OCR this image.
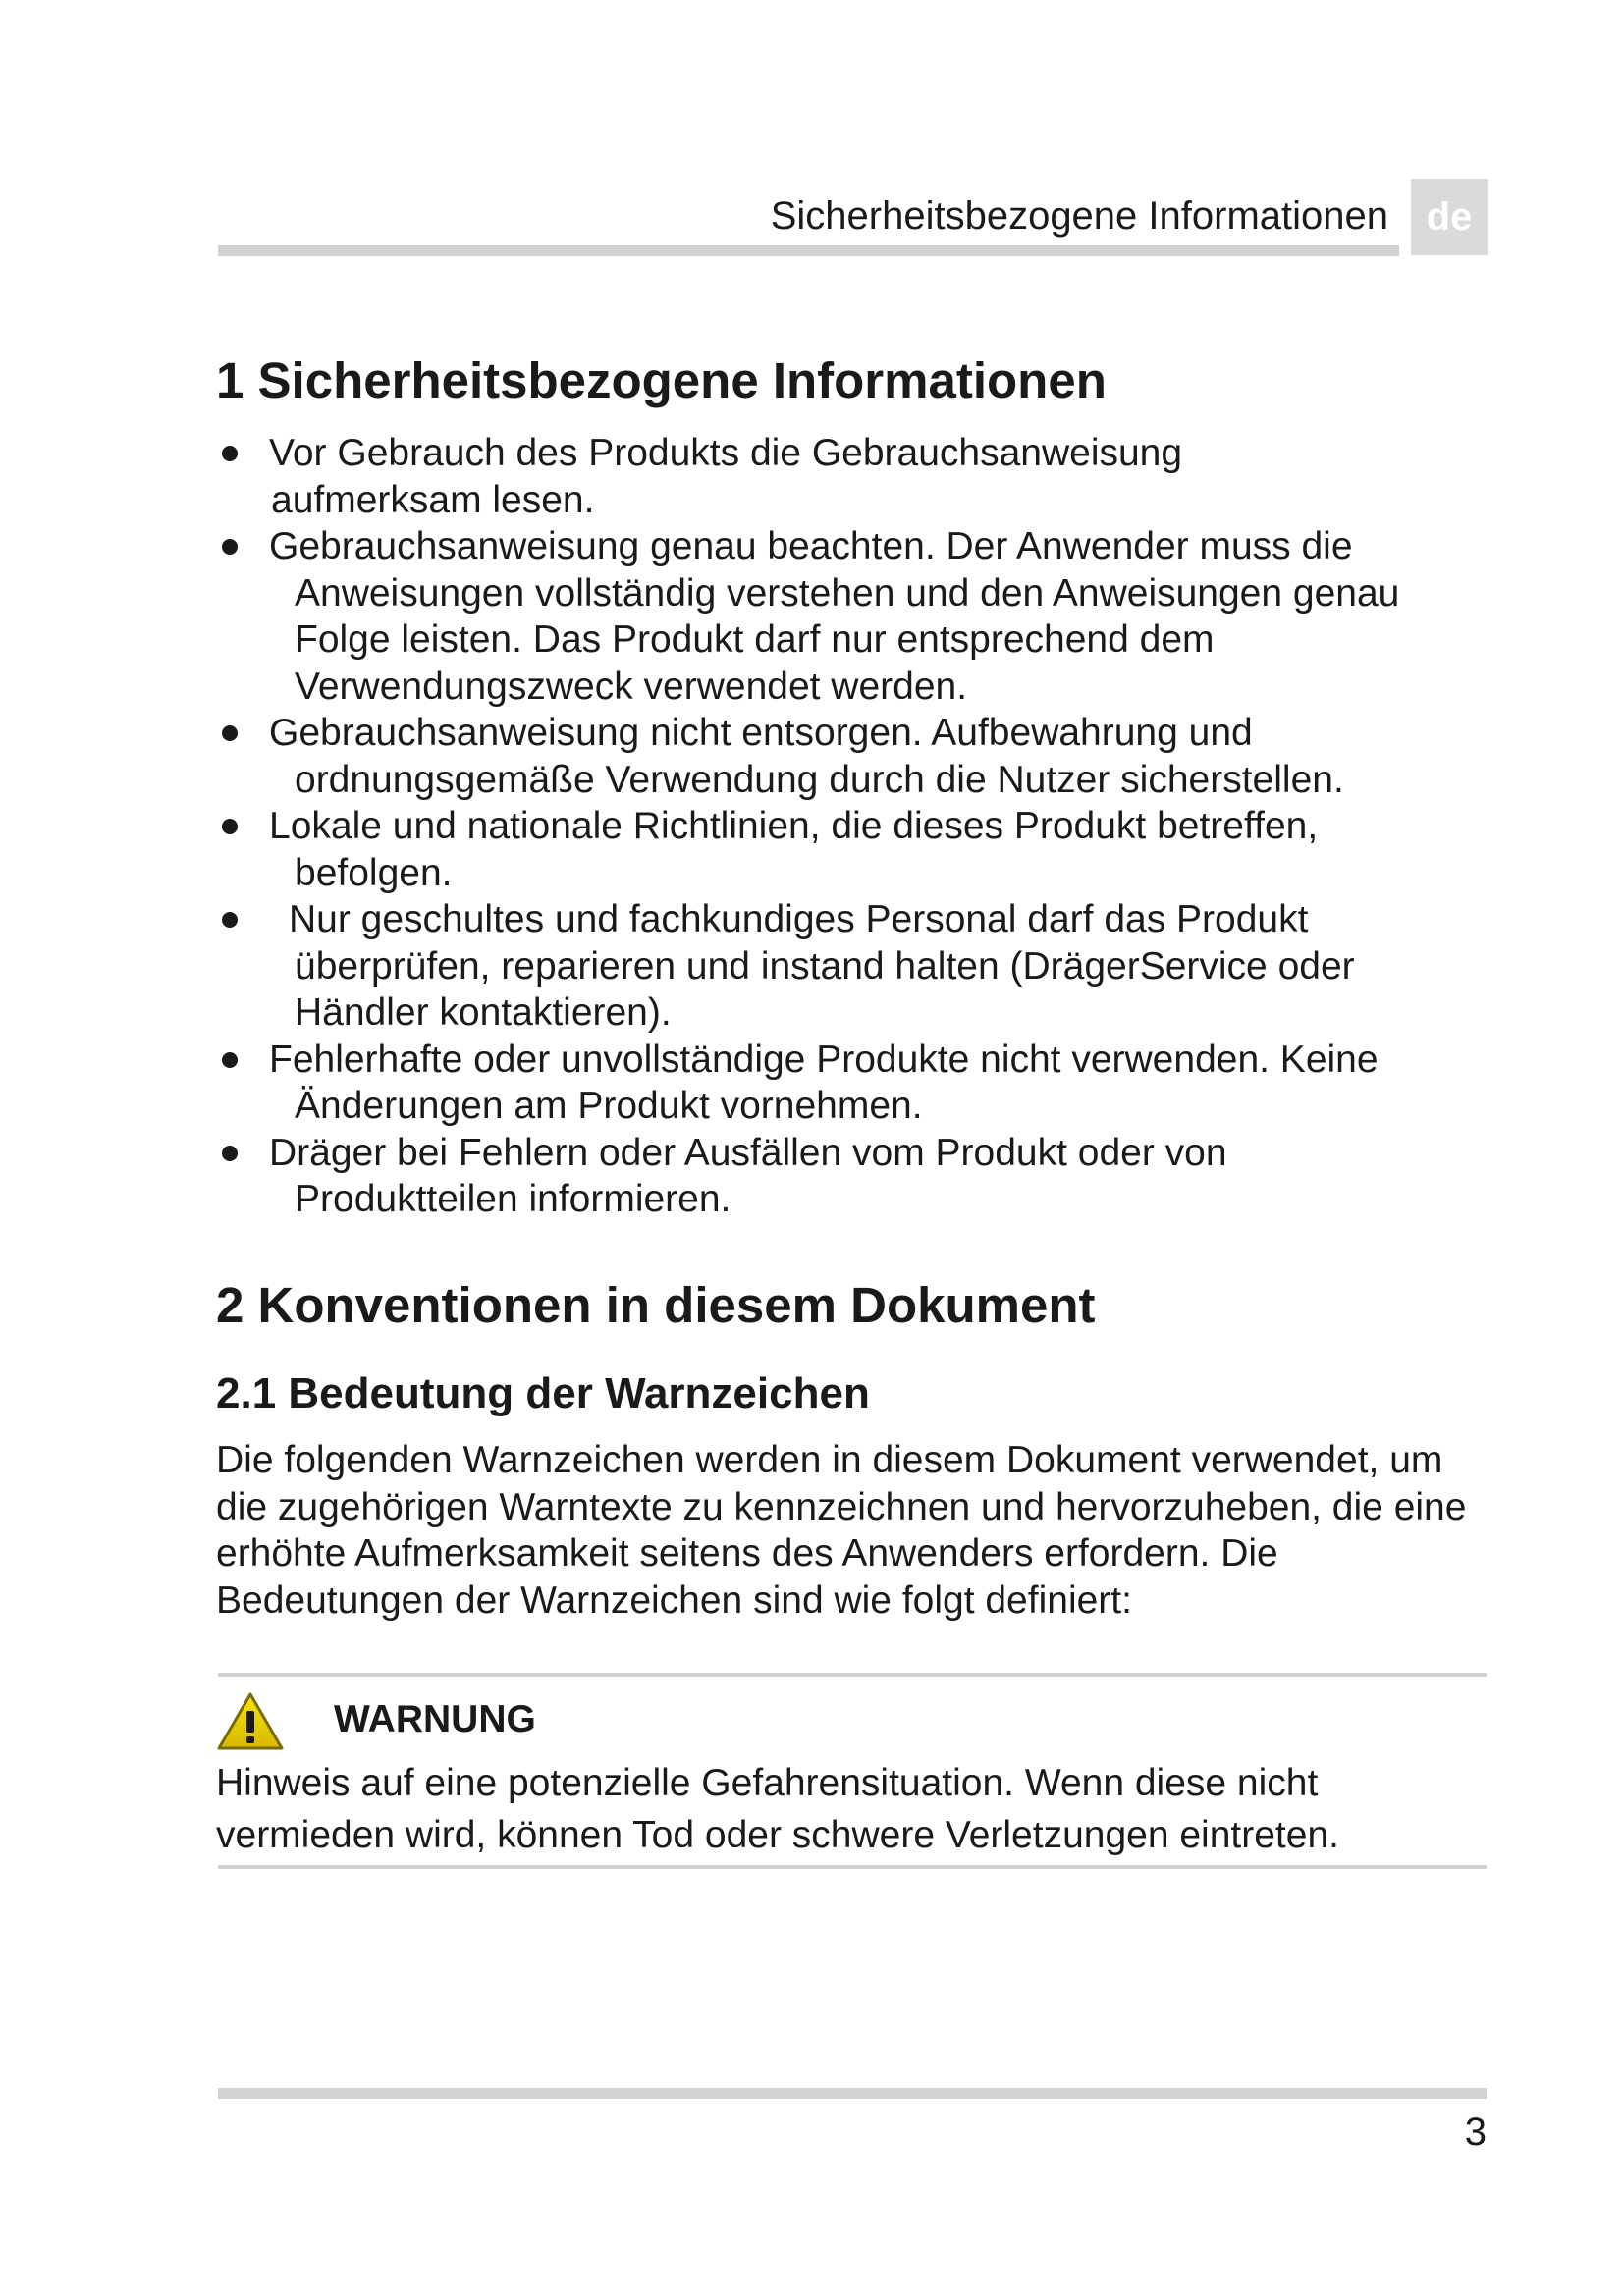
Sicherheitsbezogene Informationen de
1 Sicherheitsbezogene Informationen
Vor Gebrauch des Produkts die Gebrauchsanweisung
aufmerksam lesen.
Gebrauchsanweisung genau beachten. Der Anwender muss die
Anweisungen vollständig verstehen und den Anweisungen genau Folge leisten. Das Produkt darf nur entsprechend dem Verwendungszweck verwendet werden.
Gebrauchsanweisung nicht entsorgen. Aufbewahrung und
ordnungsgemäße Verwendung durch die Nutzer sicherstellen.
Lokale und nationale Richtlinien, die dieses Produkt betreffen,
befolgen.
Nur geschultes und fachkundiges Personal darf das Produkt
überprüfen, reparieren und instand halten (DrägerService oder Händler kontaktieren).
Fehlerhafte oder unvollständige Produkte nicht verwenden. Keine
Änderungen am Produkt vornehmen.
Dräger bei Fehlern oder Ausfällen vom Produkt oder von
Produktteilen informieren.
2 Konventionen in diesem Dokument
2.1 Bedeutung der Warnzeichen

Die folgenden Warnzeichen werden in diesem Dokument verwendet, um die zugehörigen Warntexte zu kennzeichnen und hervorzuheben, die eine erhöhte Aufmerksamkeit seitens des Anwenders erfordern. Die Bedeutungen der Warnzeichen sind wie folgt definiert:

WARNUNG

Hinweis auf eine potenzielle Gefahrensituation. Wenn diese nicht vermieden wird, können Tod oder schwere Verletzungen eintreten.

3
